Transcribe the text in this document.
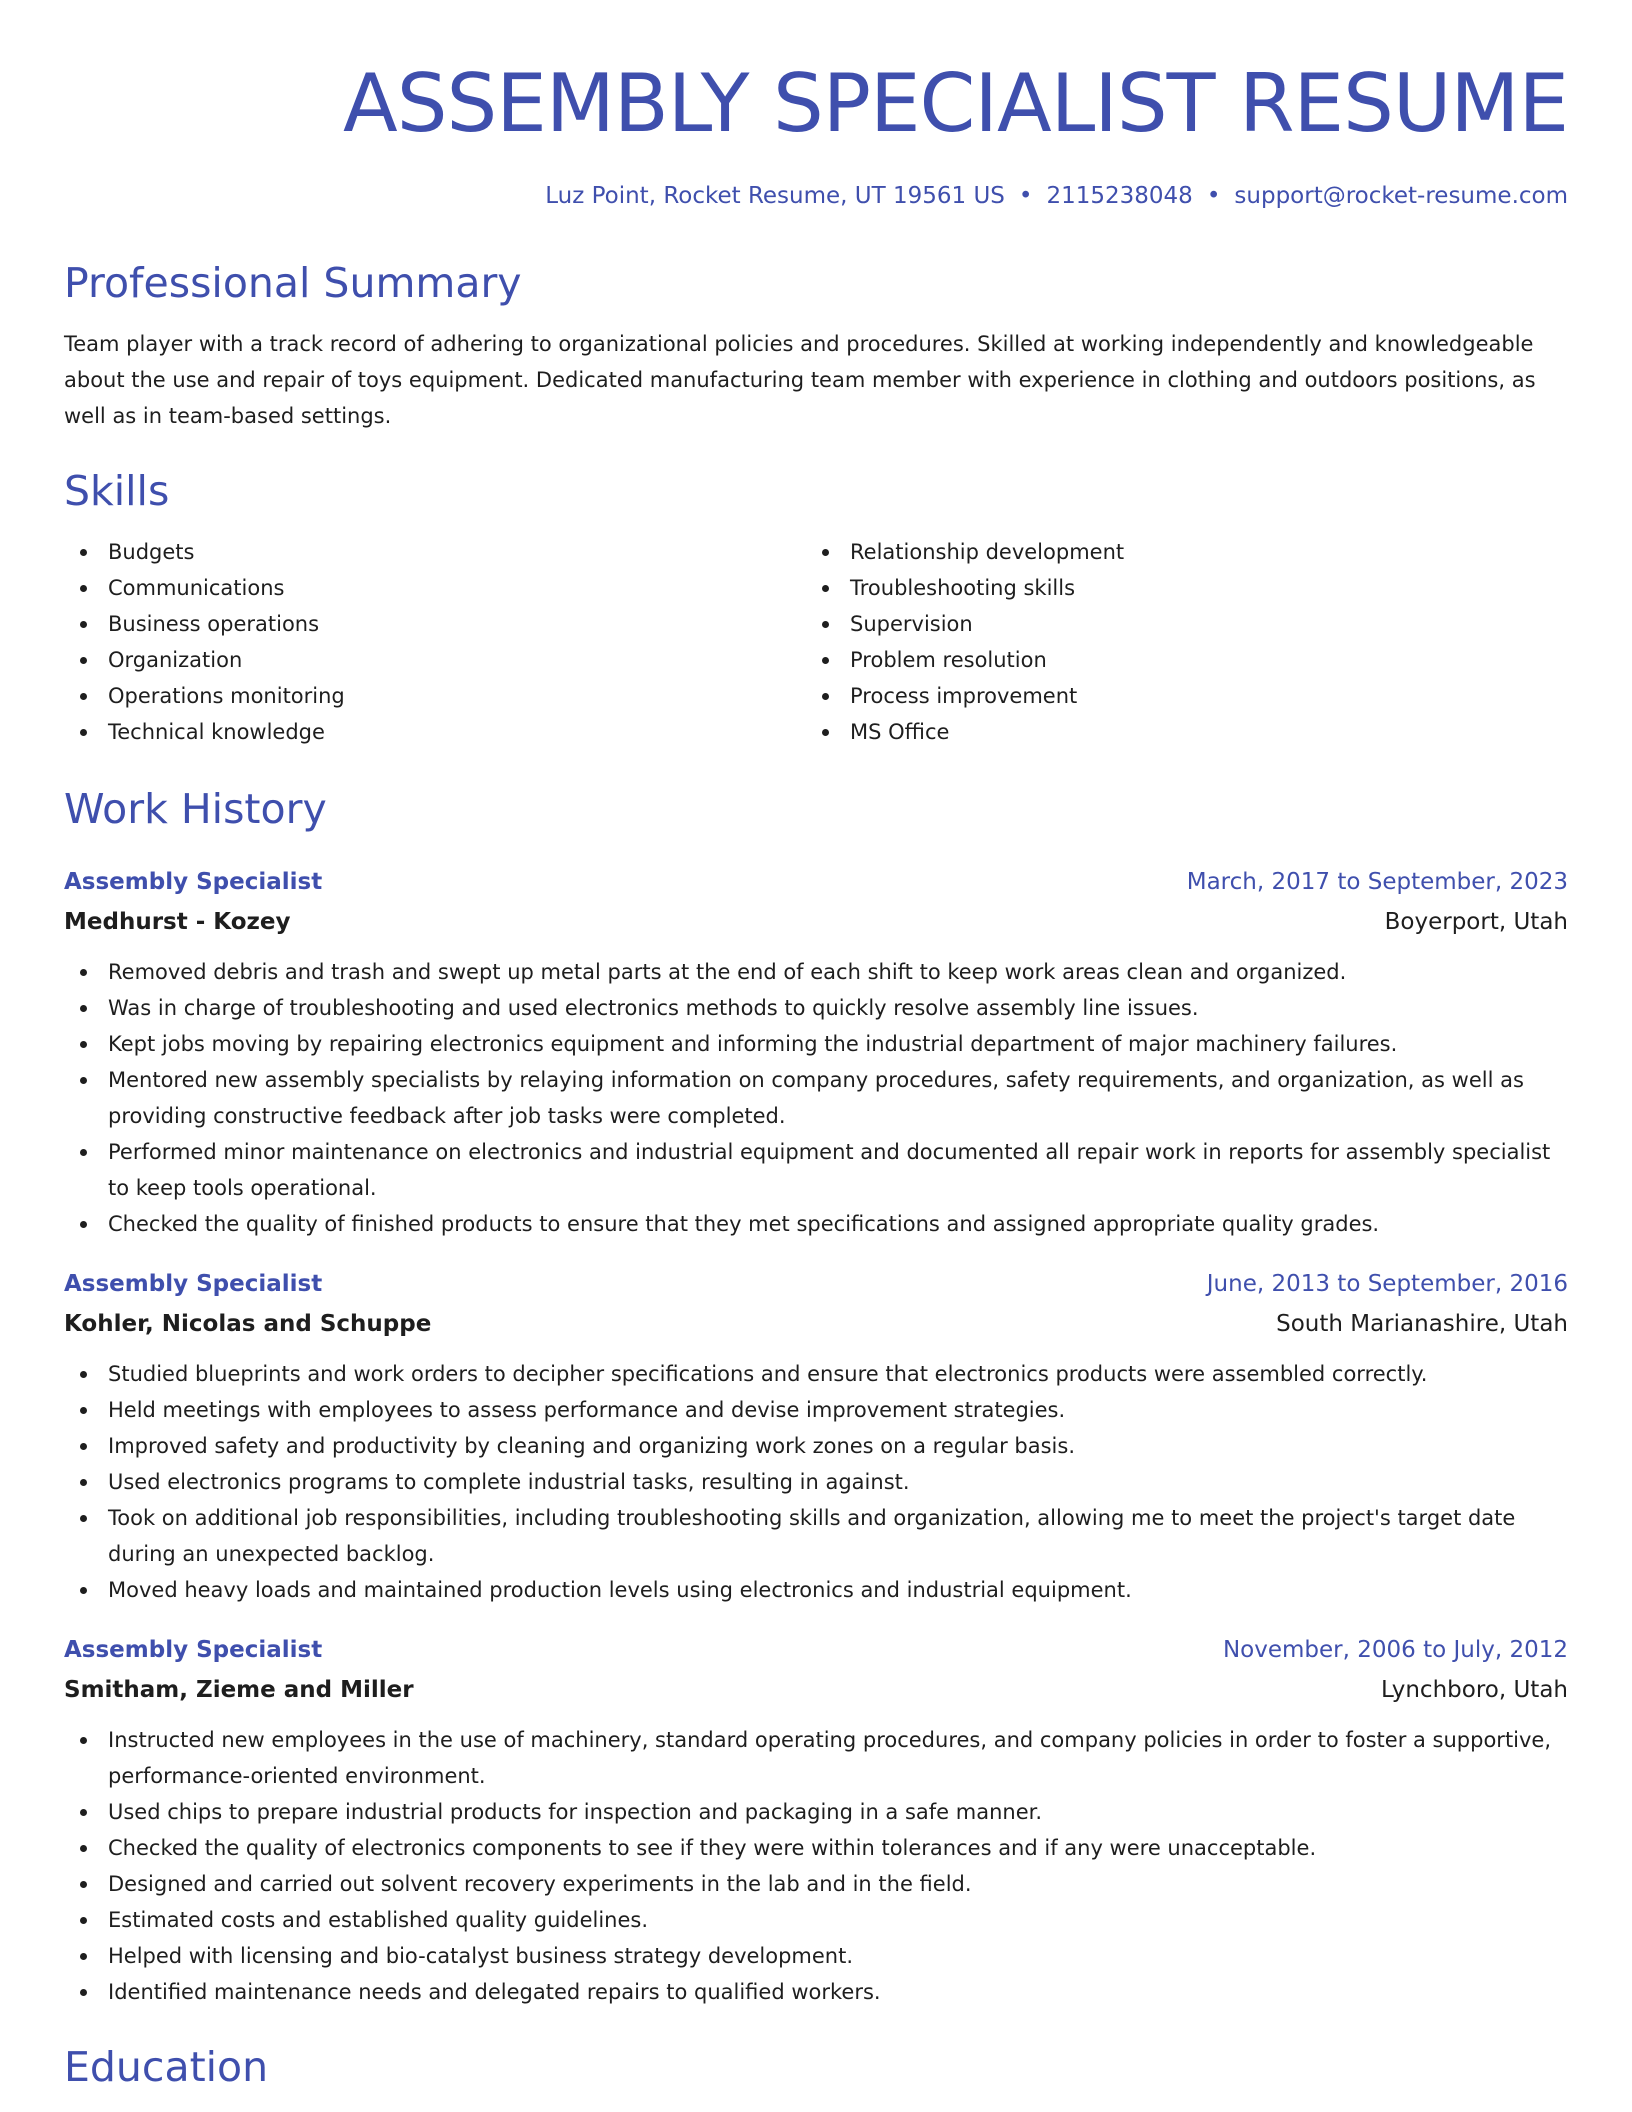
ASSEMBLY SPECIALIST RESUME
Luz Point, Rocket Resume, UT 19561 US • 2115238048 • support@rocket-resume.com
Professional Summary
Team player with a track record of adhering to organizational policies and procedures. Skilled at working independently and knowledgeable about the use and repair of toys equipment. Dedicated manufacturing team member with experience in clothing and outdoors positions, as well as in team-based settings.
Skills
Budgets
Communications
Business operations
Organization
Operations monitoring
Technical knowledge
Relationship development
Troubleshooting skills
Supervision
Problem resolution
Process improvement
MS Office
Work History
Assembly Specialist	March, 2017 to September, 2023
Medhurst - Kozey	Boyerport, Utah
Removed debris and trash and swept up metal parts at the end of each shift to keep work areas clean and organized.
Was in charge of troubleshooting and used electronics methods to quickly resolve assembly line issues.
Kept jobs moving by repairing electronics equipment and informing the industrial department of major machinery failures.
Mentored new assembly specialists by relaying information on company procedures, safety requirements, and organization, as well as providing constructive feedback after job tasks were completed.
Performed minor maintenance on electronics and industrial equipment and documented all repair work in reports for assembly specialist to keep tools operational.
Checked the quality of finished products to ensure that they met specifications and assigned appropriate quality grades.
Assembly Specialist	June, 2013 to September, 2016
Kohler, Nicolas and Schuppe	South Marianashire, Utah
Studied blueprints and work orders to decipher specifications and ensure that electronics products were assembled correctly.
Held meetings with employees to assess performance and devise improvement strategies.
Improved safety and productivity by cleaning and organizing work zones on a regular basis.
Used electronics programs to complete industrial tasks, resulting in against.
Took on additional job responsibilities, including troubleshooting skills and organization, allowing me to meet the project's target date during an unexpected backlog.
Moved heavy loads and maintained production levels using electronics and industrial equipment.
Assembly Specialist	November, 2006 to July, 2012
Smitham, Zieme and Miller	Lynchboro, Utah
Instructed new employees in the use of machinery, standard operating procedures, and company policies in order to foster a supportive, performance-oriented environment.
Used chips to prepare industrial products for inspection and packaging in a safe manner.
Checked the quality of electronics components to see if they were within tolerances and if any were unacceptable.
Designed and carried out solvent recovery experiments in the lab and in the field.
Estimated costs and established quality guidelines.
Helped with licensing and bio-catalyst business strategy development.
Identified maintenance needs and delegated repairs to qualified workers.
Education
